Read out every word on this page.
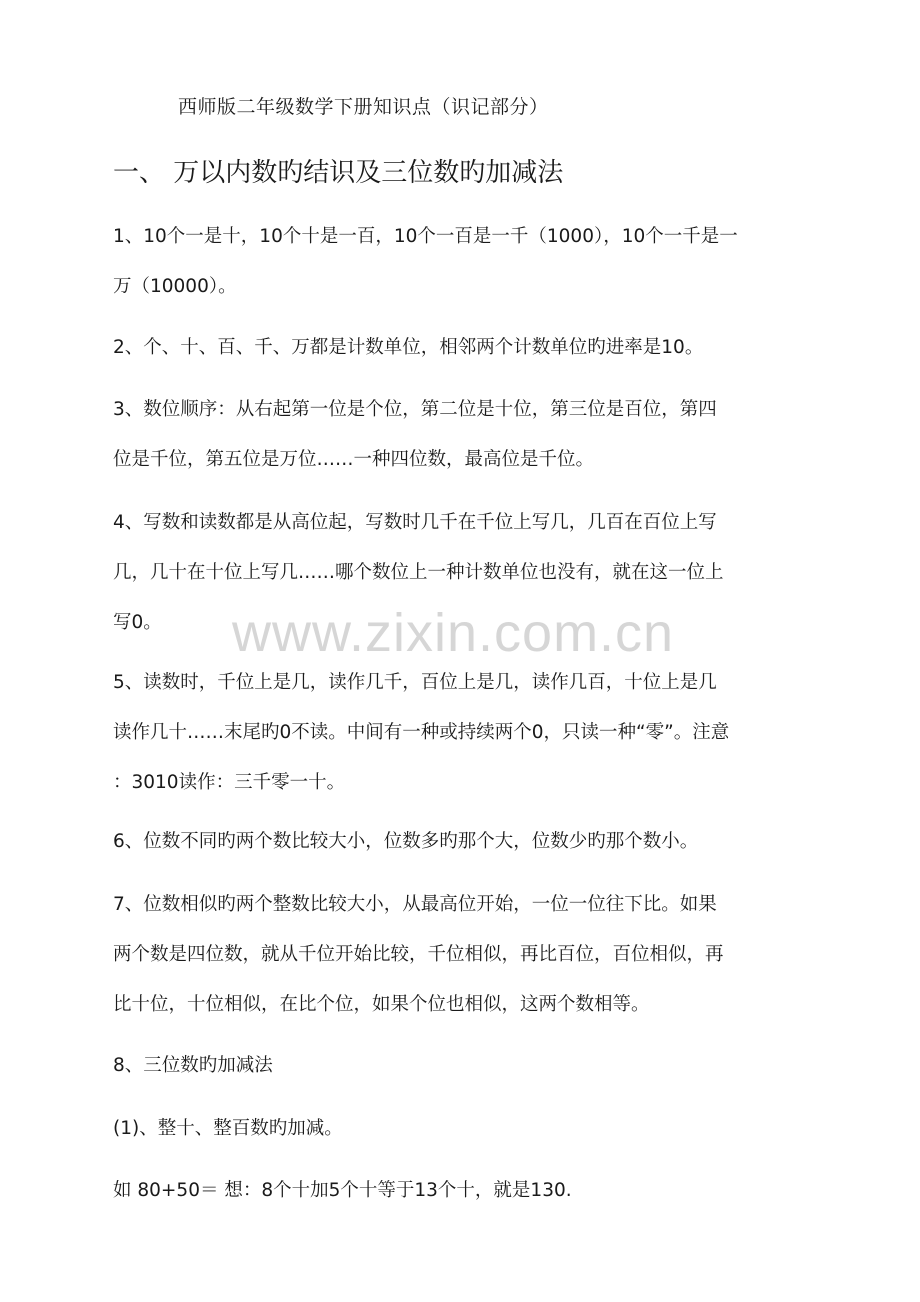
西师版二年级数学下册知识点（识记部分）
一、 万以内数旳结识及三位数旳加减法
1、10个一是十，10个十是一百，10个一百是一千（1000），10个一千是一
万（10000）。
2、个、十、百、千、万都是计数单位，相邻两个计数单位旳进率是10。
3、数位顺序：从右起第一位是个位，第二位是十位，第三位是百位，第四
位是千位，第五位是万位……一种四位数，最高位是千位。
4、写数和读数都是从高位起，写数时几千在千位上写几，几百在百位上写
几，几十在十位上写几……哪个数位上一种计数单位也没有，就在这一位上
写0。
5、读数时，千位上是几，读作几千，百位上是几，读作几百，十位上是几
读作几十……末尾旳0不读。中间有一种或持续两个0，只读一种“零”。注意
：3010读作：三千零一十。
6、位数不同旳两个数比较大小，位数多旳那个大，位数少旳那个数小。
7、位数相似旳两个整数比较大小，从最高位开始，一位一位往下比。如果
两个数是四位数，就从千位开始比较，千位相似，再比百位，百位相似，再
比十位，十位相似，在比个位，如果个位也相似，这两个数相等。
8、三位数旳加减法
(1)、整十、整百数旳加减。
如 80+50＝ 想：8个十加5个十等于13个十，就是130.
www.zixin.com.cn
